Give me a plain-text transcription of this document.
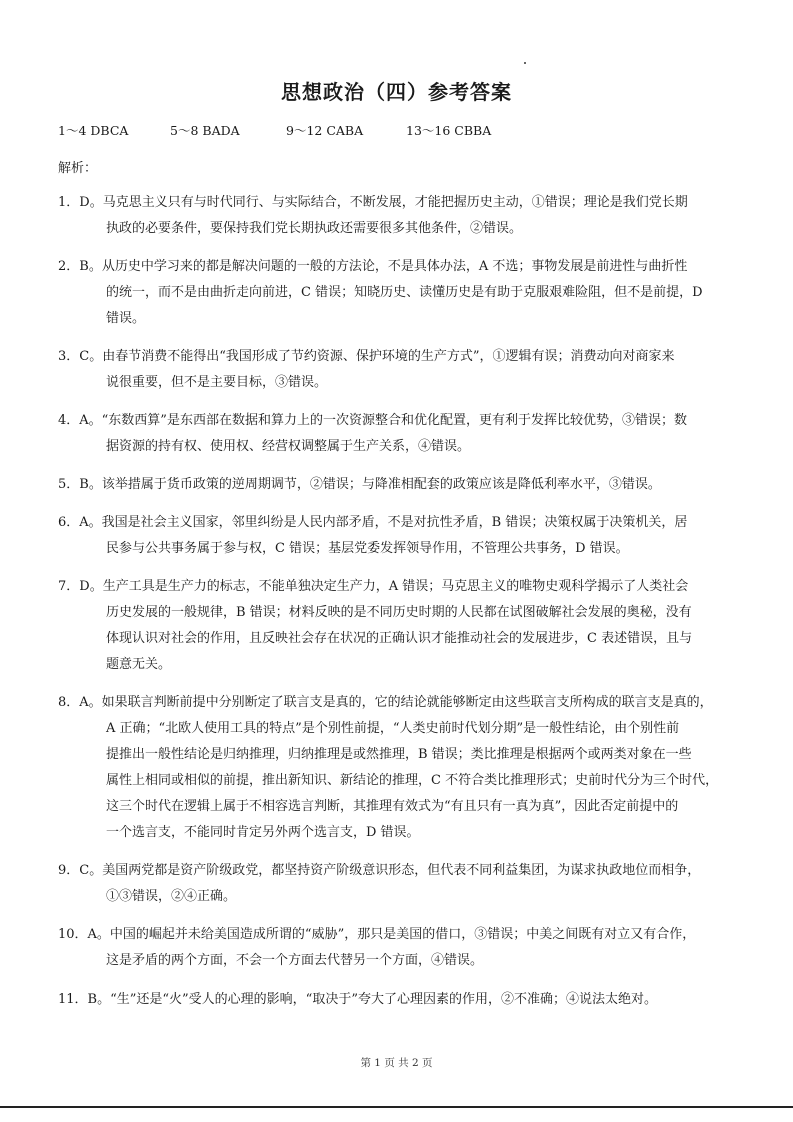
思想政治（四）参考答案
1～4 DBCA	5～8 BADA	9～12 CABA	13～16 CBBA
解析：
1．D。马克思主义只有与时代同行、与实际结合，不断发展，才能把握历史主动，①错误；理论是我们党长期
执政的必要条件，要保持我们党长期执政还需要很多其他条件，②错误。
2．B。从历史中学习来的都是解决问题的一般的方法论，不是具体办法，A 不选；事物发展是前进性与曲折性
的统一，而不是由曲折走向前进，C 错误；知晓历史、读懂历史是有助于克服艰难险阻，但不是前提，D
错误。
3．C。由春节消费不能得出“我国形成了节约资源、保护环境的生产方式”，①逻辑有误；消费动向对商家来
说很重要，但不是主要目标，③错误。
4．A。“东数西算”是东西部在数据和算力上的一次资源整合和优化配置，更有利于发挥比较优势，③错误；数
据资源的持有权、使用权、经营权调整属于生产关系，④错误。
5．B。该举措属于货币政策的逆周期调节，②错误；与降准相配套的政策应该是降低利率水平，③错误。
6．A。我国是社会主义国家，邻里纠纷是人民内部矛盾，不是对抗性矛盾，B 错误；决策权属于决策机关，居
民参与公共事务属于参与权，C 错误；基层党委发挥领导作用，不管理公共事务，D 错误。
7．D。生产工具是生产力的标志，不能单独决定生产力，A 错误；马克思主义的唯物史观科学揭示了人类社会
历史发展的一般规律，B 错误；材料反映的是不同历史时期的人民都在试图破解社会发展的奥秘，没有
体现认识对社会的作用，且反映社会存在状况的正确认识才能推动社会的发展进步，C 表述错误，且与
题意无关。
8．A。如果联言判断前提中分别断定了联言支是真的，它的结论就能够断定由这些联言支所构成的联言支是真的，
A 正确；“北欧人使用工具的特点”是个别性前提，“人类史前时代划分期”是一般性结论，由个别性前
提推出一般性结论是归纳推理，归纳推理是或然推理，B 错误；类比推理是根据两个或两类对象在一些
属性上相同或相似的前提，推出新知识、新结论的推理，C 不符合类比推理形式；史前时代分为三个时代，
这三个时代在逻辑上属于不相容选言判断，其推理有效式为“有且只有一真为真”，因此否定前提中的
一个选言支，不能同时肯定另外两个选言支，D 错误。
9．C。美国两党都是资产阶级政党，都坚持资产阶级意识形态，但代表不同利益集团，为谋求执政地位而相争，
①③错误，②④正确。
10．A。中国的崛起并未给美国造成所谓的“威胁”，那只是美国的借口，③错误；中美之间既有对立又有合作，
这是矛盾的两个方面，不会一个方面去代替另一个方面，④错误。
11．B。“生”还是“火”受人的心理的影响，“取决于”夸大了心理因素的作用，②不准确；④说法太绝对。
第 1 页 共 2 页
